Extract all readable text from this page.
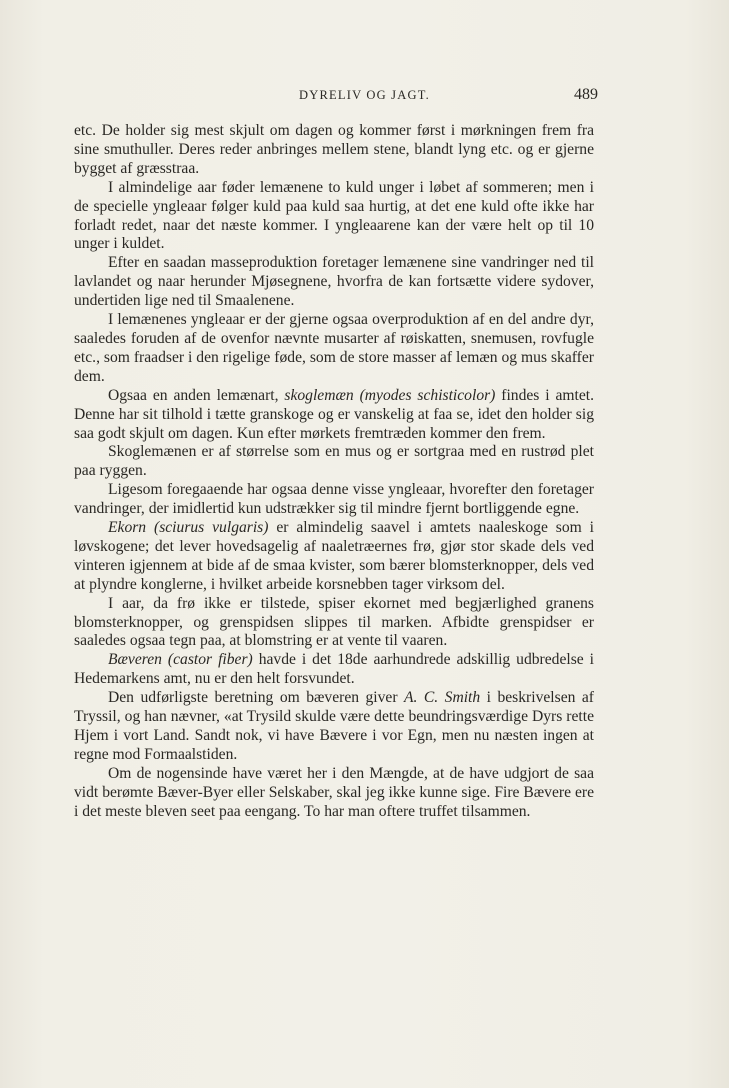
DYRELIV OG JAGT.	489

etc. De holder sig mest skjult om dagen og kommer først i mørkningen frem fra sine smuthuller. Deres reder anbringes mellem stene, blandt lyng etc. og er gjerne bygget af græsstraa.

I almindelige aar føder lemænene to kuld unger i løbet af sommeren; men i de specielle yngleaar følger kuld paa kuld saa hurtig, at det ene kuld ofte ikke har forladt redet, naar det næste kommer. I yngleaarene kan der være helt op til 10 unger i kuldet.

Efter en saadan masseproduktion foretager lemænene sine vandringer ned til lavlandet og naar herunder Mjøsegnene, hvorfra de kan fortsætte videre sydover, undertiden lige ned til Smaalenene.

I lemænenes yngleaar er der gjerne ogsaa overproduktion af en del andre dyr, saaledes foruden af de ovenfor nævnte musarter af røiskatten, snemusen, rovfugle etc., som fraadser i den rigelige føde, som de store masser af lemæn og mus skaffer dem.

Ogsaa en anden lemænart, skoglemæn (myodes schisticolor) findes i amtet. Denne har sit tilhold i tætte granskoge og er vanskelig at faa se, idet den holder sig saa godt skjult om dagen. Kun efter mørkets fremtræden kommer den frem.

Skoglemænen er af størrelse som en mus og er sortgraa med en rustrød plet paa ryggen.

Ligesom foregaaende har ogsaa denne visse yngleaar, hvorefter den foretager vandringer, der imidlertid kun udstrækker sig til mindre fjernt bortliggende egne.

Ekorn (sciurus vulgaris) er almindelig saavel i amtets naaleskoge som i løvskogene; det lever hovedsagelig af naaletræernes frø, gjør stor skade dels ved vinteren igjennem at bide af de smaa kvister, som bærer blomsterknopper, dels ved at plyndre konglerne, i hvilket arbeide korsnebben tager virksom del.

I aar, da frø ikke er tilstede, spiser ekornet med begjærlighed granens blomsterknopper, og grenspidsen slippes til marken. Afbidte grenspidser er saaledes ogsaa tegn paa, at blomstring er at vente til vaaren.

Bæveren (castor fiber) havde i det 18de aarhundrede adskillig udbredelse i Hedemarkens amt, nu er den helt forsvundet.

Den udførligste beretning om bæveren giver A. C. Smith i beskrivelsen af Tryssil, og han nævner, «at Trysild skulde være dette beundringsværdige Dyrs rette Hjem i vort Land. Sandt nok, vi have Bævere i vor Egn, men nu næsten ingen at regne mod Formaalstiden.

Om de nogensinde have været her i den Mængde, at de have udgjort de saa vidt berømte Bæver-Byer eller Selskaber, skal jeg ikke kunne sige. Fire Bævere ere i det meste bleven seet paa eengang. To har man oftere truffet tilsammen.
